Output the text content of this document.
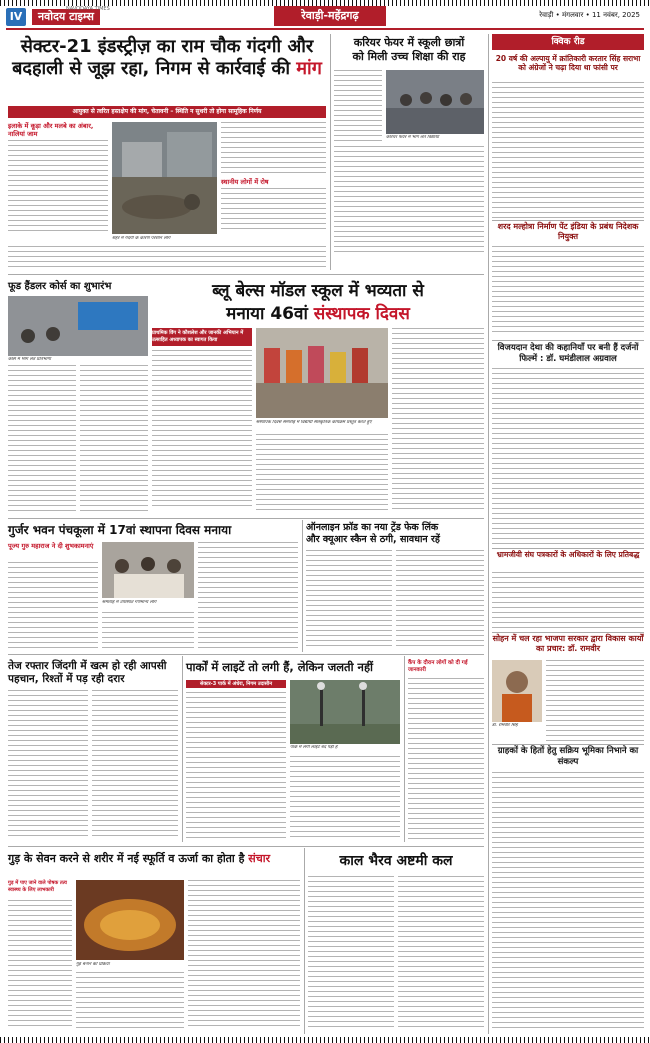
IV	नवोदय टाइम्स
NAVODAYA TIMES	रेवाड़ी-महेंद्रगढ़	रेवाड़ी • मंगलवार • 11 नवंबर, 2025
सेक्टर-21 इंडस्ट्रीज़ का राम चौक गंदगी और
बदहाली से जूझ रहा, निगम से कार्रवाई की मांग
आयुक्त से त्वरित हस्तक्षेप की मांग, चेतावनी – स्थिति न सुधरी तो होगा सामूहिक निर्णय
इलाके में कूड़ा और मलबे का अंबार, नालियां जाम
शहर में गंदगी के कारण परेशान लोग
स्थानीय लोगों में रोष
करियर फेयर में स्कूली छात्रों
को मिली उच्च शिक्षा की राह
करियर फेयर में भाग लेते विद्यार्थी
क्विक रीड
20 वर्ष की अल्पायु में क्रांतिकारी करतार सिंह सराभा को अंग्रेजों ने चढ़ा दिया था फांसी पर
शरद मल्होत्रा निर्माण पेंट इंडिया के प्रबंध निदेशक नियुक्त
विजयदान देथा की कहानियाँ पर बनी हैं दर्जनों फिल्में : डॉ. घमंडीलाल अग्रवाल
भ्रामजीवी संघ पत्रकारों के अधिकारों के लिए प्रतिबद्ध
सोहन में चल रहा भाजपा सरकार द्वारा विकास कार्यों का प्रचार: डॉ. रामवीर
डॉ. रामवीर सिंह
ग्राहकों के हितों हेतु सक्रिय भूमिका निभाने का संकल्प
फूड हैंडलर कोर्स का शुभारंभ
कोर्स में भाग लेते प्रतिभागी
ब्लू बेल्स मॉडल स्कूल में भव्यता से
मनाया 46वां संस्थापक दिवस
प्राथमिक विंग ने कौशलेश और जानकी अभियान में उत्साहित अध्यापक का स्वागत किया
संस्थापक दिवस समारोह में विद्यार्थी सांस्कृतिक कार्यक्रम प्रस्तुत करते हुए
गुर्जर भवन पंचकूला में 17वां स्थापना दिवस मनाया
पूज्य गुरु महाराज ने दी शुभकामनाएं
समारोह में उपस्थित गणमान्य लोग
ऑनलाइन फ्रॉड का नया ट्रेंड फेक लिंक
और क्यूआर स्कैन से ठगी, सावधान रहें
तेज रफ्तार जिंदगी में खत्म हो रही आपसी
पहचान, रिश्तों में पड़ रही दरार
पार्कों में लाइटें तो लगी हैं, लेकिन जलती नहीं
सेक्टर-3 पार्क में अंधेरा, निगम उदासीन
पार्क में लगी लाइटें बंद पड़ी हैं
कैंप के दौरान लोगों को दी गई जानकारी
गुड़ के सेवन करने से शरीर में नई स्फूर्ति व ऊर्जा का होता है संचार
गुड़ में पाए जाने वाले पोषक तत्व स्वास्थ्य के लिए लाभकारी
गुड़ बनाने की प्रक्रिया
काल भैरव अष्टमी कल
